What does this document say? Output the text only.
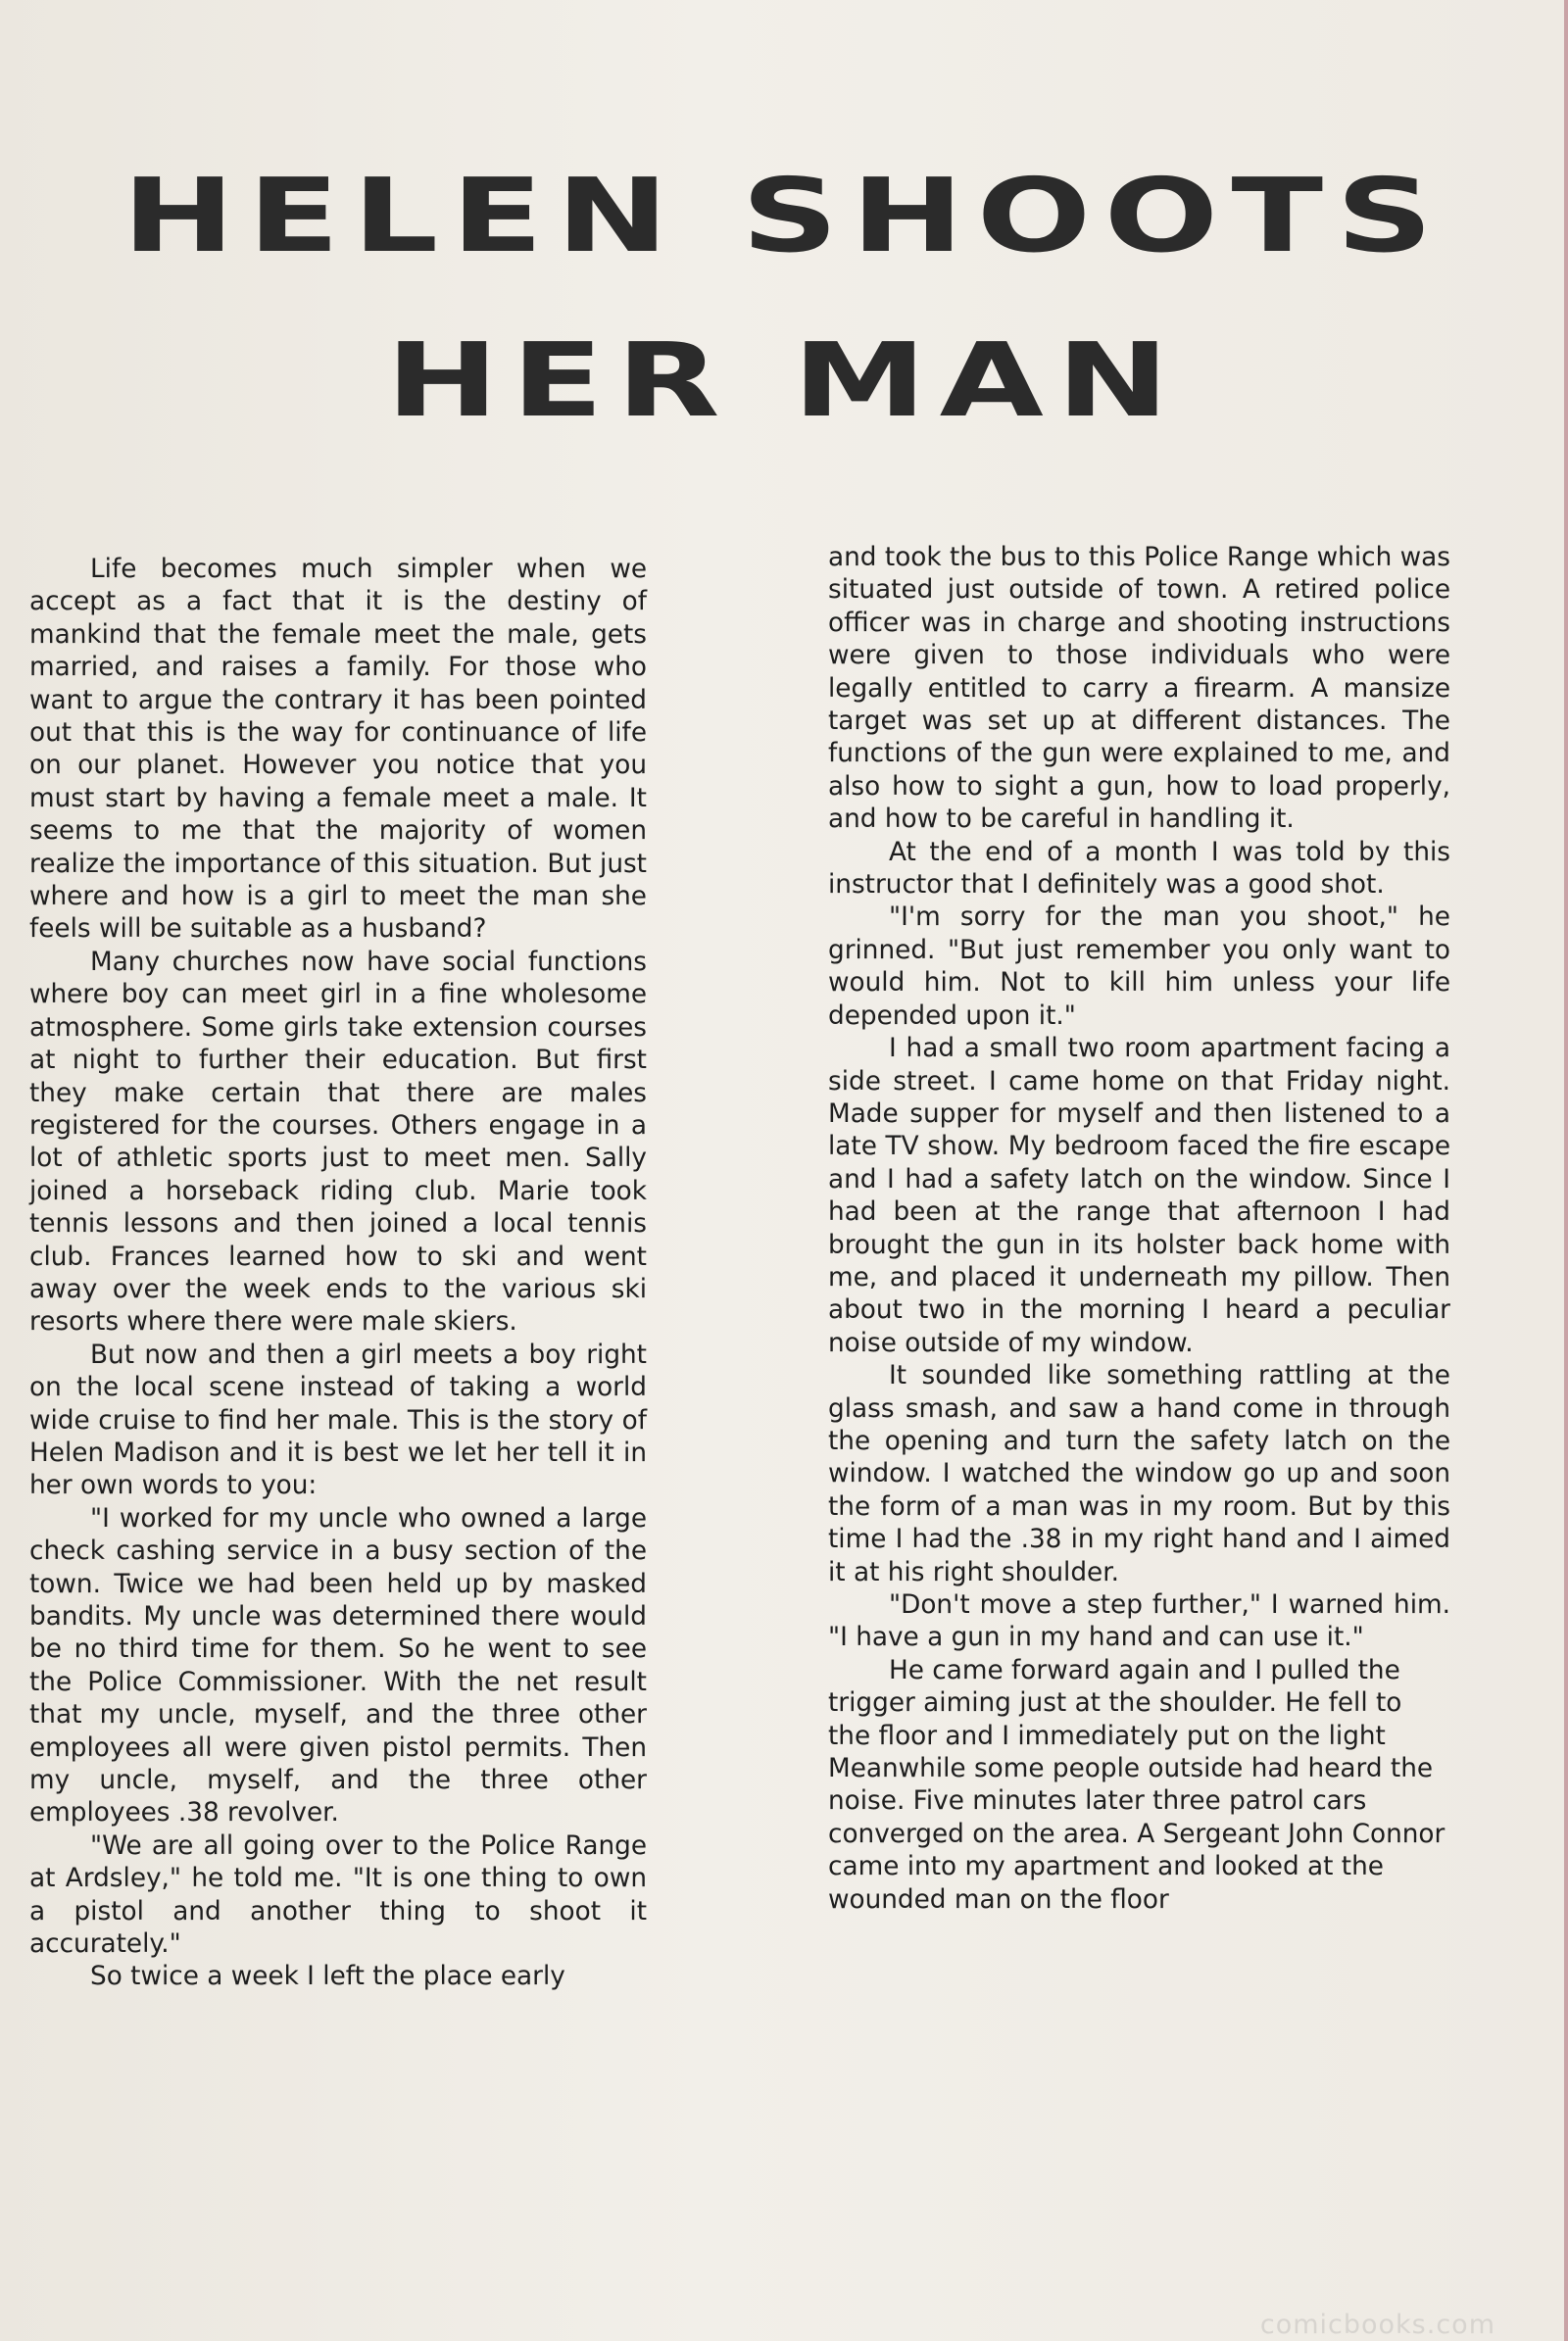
HELEN SHOOTS
HER MAN

Life becomes much simpler when we accept as a fact that it is the destiny of mankind that the female meet the male, gets married, and raises a family. For those who want to argue the contrary it has been pointed out that this is the way for continuance of life on our planet. However you notice that you must start by having a female meet a male. It seems to me that the majority of women realize the importance of this situation. But just where and how is a girl to meet the man she feels will be suitable as a husband?

Many churches now have social functions where boy can meet girl in a fine wholesome atmosphere. Some girls take extension courses at night to further their education. But first they make certain that there are males registered for the courses. Others engage in a lot of athletic sports just to meet men. Sally joined a horseback riding club. Marie took tennis lessons and then joined a local tennis club. Frances learned how to ski and went away over the week ends to the various ski resorts where there were male skiers.

But now and then a girl meets a boy right on the local scene instead of taking a world wide cruise to find her male. This is the story of Helen Madison and it is best we let her tell it in her own words to you:

"I worked for my uncle who owned a large check cashing service in a busy section of the town. Twice we had been held up by masked bandits. My uncle was determined there would be no third time for them. So he went to see the Police Commissioner. With the net result that my uncle, myself, and the three other employees all were given pistol permits. Then my uncle, myself, and the three other employees .38 revolver.

"We are all going over to the Police Range at Ardsley," he told me. "It is one thing to own a pistol and another thing to shoot it accurately."

So twice a week I left the place early

and took the bus to this Police Range which was situated just outside of town. A retired police officer was in charge and shooting instructions were given to those individuals who were legally entitled to carry a firearm. A mansize target was set up at different distances. The functions of the gun were explained to me, and also how to sight a gun, how to load properly, and how to be careful in handling it.

At the end of a month I was told by this instructor that I definitely was a good shot.

"I'm sorry for the man you shoot," he grinned. "But just remember you only want to would him. Not to kill him unless your life depended upon it."

I had a small two room apartment facing a side street. I came home on that Friday night. Made supper for myself and then listened to a late TV show. My bedroom faced the fire escape and I had a safety latch on the window. Since I had been at the range that afternoon I had brought the gun in its holster back home with me, and placed it underneath my pillow. Then about two in the morning I heard a peculiar noise outside of my window.

It sounded like something rattling at the glass smash, and saw a hand come in through the opening and turn the safety latch on the window. I watched the window go up and soon the form of a man was in my room. But by this time I had the .38 in my right hand and I aimed it at his right shoulder.

"Don't move a step further," I warned him. "I have a gun in my hand and can use it."

He came forward again and I pulled the trigger aiming just at the shoulder. He fell to the floor and I immediately put on the light Meanwhile some people outside had heard the noise. Five minutes later three patrol cars converged on the area. A Sergeant John Connor came into my apartment and looked at the wounded man on the floor

comicbooks.com
